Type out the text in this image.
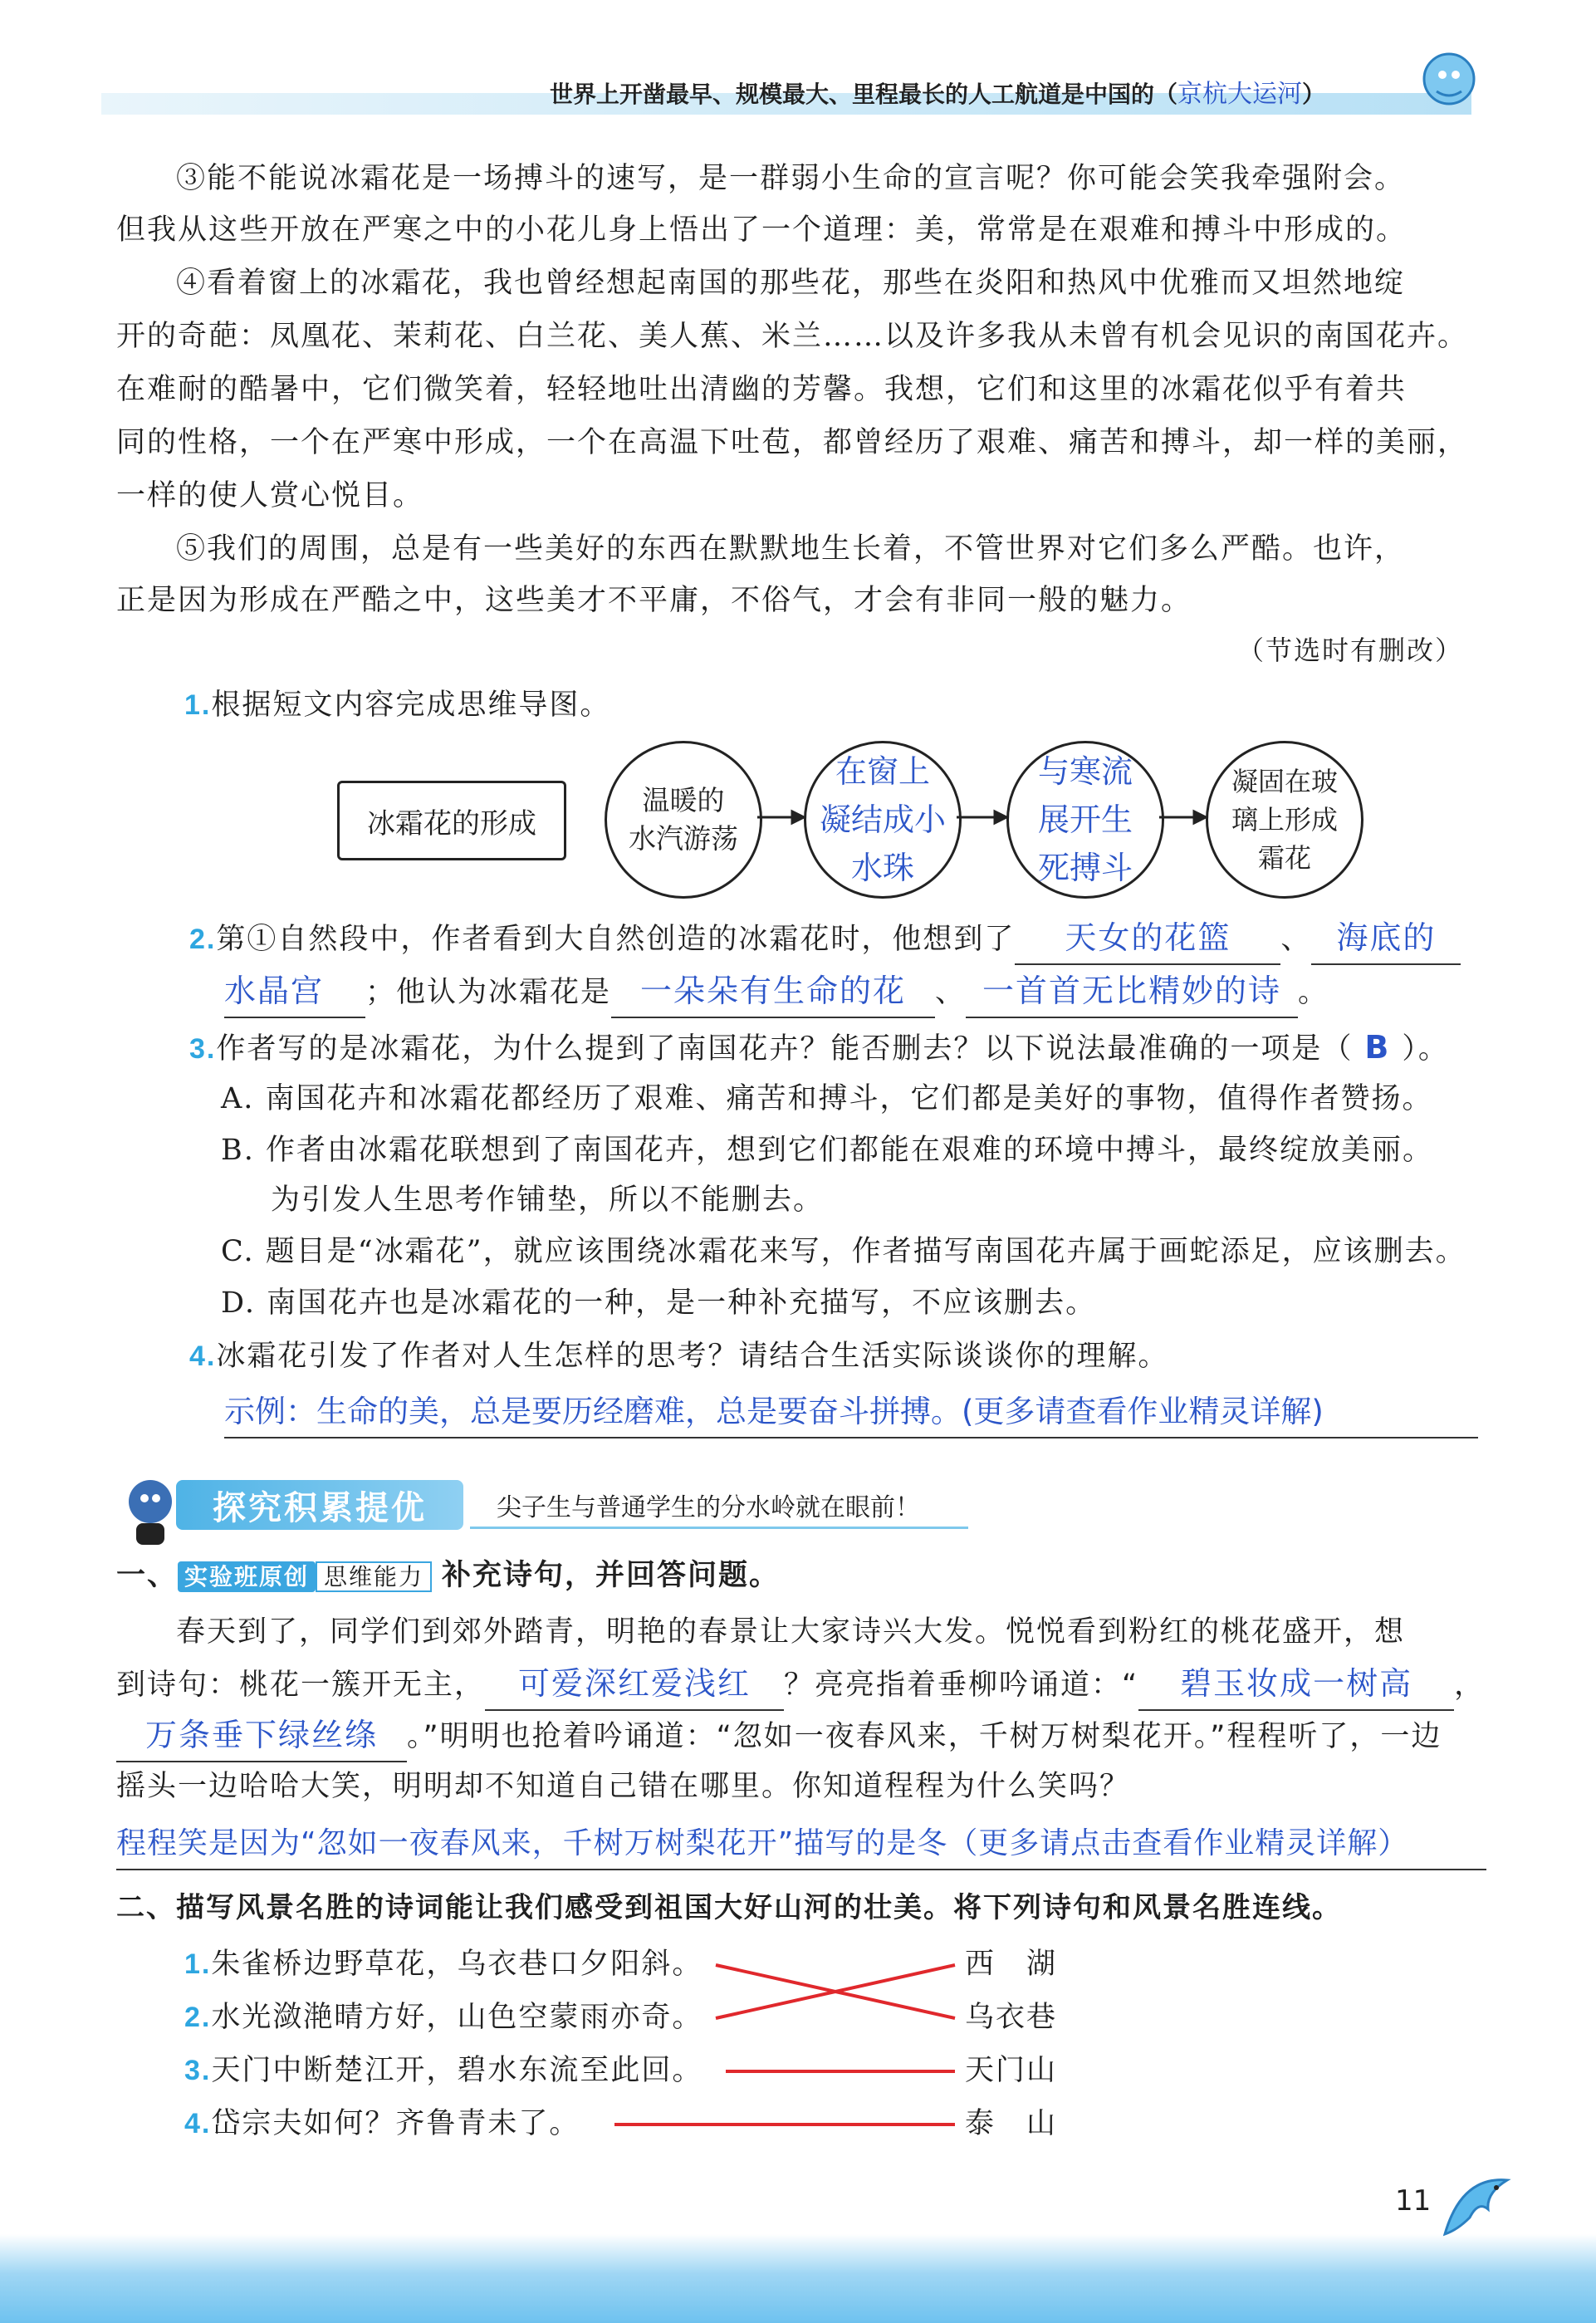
世界上开凿最早、规模最大、里程最长的人工航道是中国的（京杭大运河）
③能不能说冰霜花是一场搏斗的速写，是一群弱小生命的宣言呢？你可能会笑我牵强附会。
但我从这些开放在严寒之中的小花儿身上悟出了一个道理：美，常常是在艰难和搏斗中形成的。
④看着窗上的冰霜花，我也曾经想起南国的那些花，那些在炎阳和热风中优雅而又坦然地绽
开的奇葩：凤凰花、茉莉花、白兰花、美人蕉、米兰……以及许多我从未曾有机会见识的南国花卉。
在难耐的酷暑中，它们微笑着，轻轻地吐出清幽的芳馨。我想，它们和这里的冰霜花似乎有着共
同的性格，一个在严寒中形成，一个在高温下吐苞，都曾经历了艰难、痛苦和搏斗，却一样的美丽，
一样的使人赏心悦目。
⑤我们的周围，总是有一些美好的东西在默默地生长着，不管世界对它们多么严酷。也许，
正是因为形成在严酷之中，这些美才不平庸，不俗气，才会有非同一般的魅力。
（节选时有删改）
1.根据短文内容完成思维导图。
冰霜花的形成
温暖的
水汽游荡
在窗上
凝结成小
水珠
与寒流
展开生
死搏斗
凝固在玻
璃上形成
霜花
2.第①自然段中，作者看到大自然创造的冰霜花时，他想到了 天女的花篮 、 海底的
水晶宫 ；他认为冰霜花是 一朵朵有生命的花 、 一首首无比精妙的诗 。
3.作者写的是冰霜花，为什么提到了南国花卉？能否删去？以下说法最准确的一项是（ B ）。
A. 南国花卉和冰霜花都经历了艰难、痛苦和搏斗，它们都是美好的事物，值得作者赞扬。
B. 作者由冰霜花联想到了南国花卉，想到它们都能在艰难的环境中搏斗，最终绽放美丽。
为引发人生思考作铺垫，所以不能删去。
C. 题目是“冰霜花”，就应该围绕冰霜花来写，作者描写南国花卉属于画蛇添足，应该删去。
D. 南国花卉也是冰霜花的一种，是一种补充描写，不应该删去。
4.冰霜花引发了作者对人生怎样的思考？请结合生活实际谈谈你的理解。
示例：生命的美，总是要历经磨难，总是要奋斗拼搏。(更多请查看作业精灵详解)
探究积累提优	尖子生与普通学生的分水岭就在眼前！
一、 实验班原创 思维能力 补充诗句，并回答问题。
春天到了，同学们到郊外踏青，明艳的春景让大家诗兴大发。悦悦看到粉红的桃花盛开，想
到诗句：桃花一簇开无主， 可爱深红爱浅红 ？亮亮指着垂柳吟诵道：“ 碧玉妆成一树高 ，
万条垂下绿丝绦 。”明明也抢着吟诵道：“忽如一夜春风来，千树万树梨花开。”程程听了，一边
摇头一边哈哈大笑，明明却不知道自己错在哪里。你知道程程为什么笑吗？
程程笑是因为“忽如一夜春风来，千树万树梨花开”描写的是冬（更多请点击查看作业精灵详解）
二、描写风景名胜的诗词能让我们感受到祖国大好山河的壮美。将下列诗句和风景名胜连线。
1.朱雀桥边野草花，乌衣巷口夕阳斜。
2.水光潋滟晴方好，山色空蒙雨亦奇。
3.天门中断楚江开，碧水东流至此回。
4.岱宗夫如何？齐鲁青未了。
西　湖
乌衣巷
天门山
泰　山
11
